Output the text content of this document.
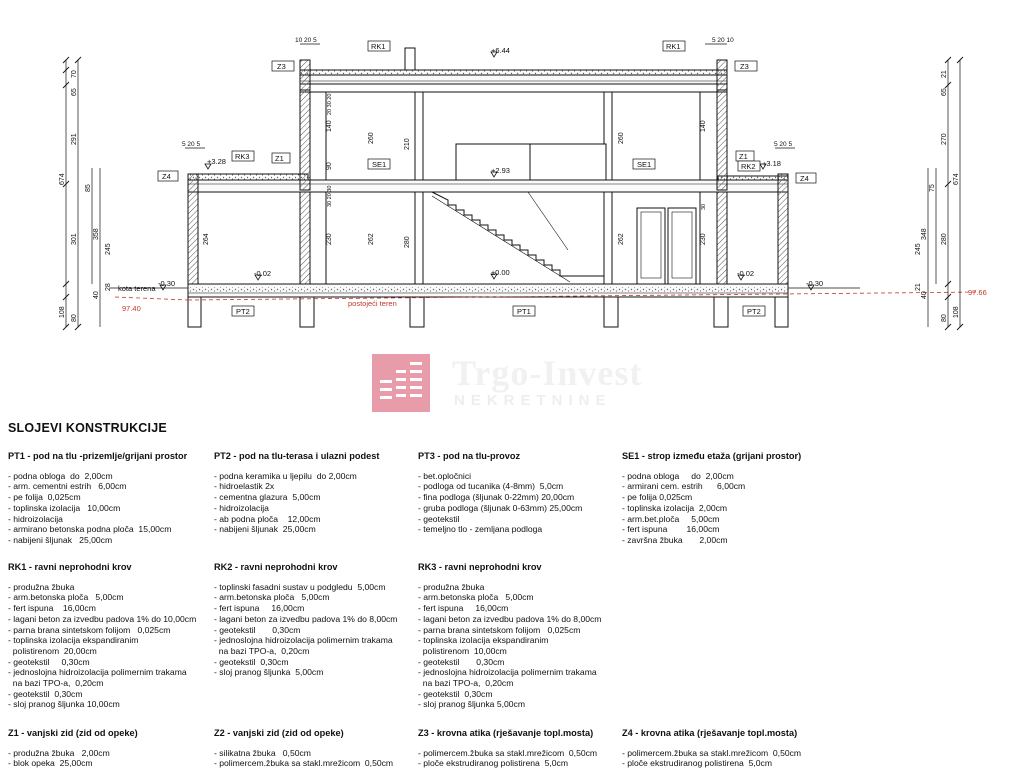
+6.44
+2.93
±0.00
+3.28	+3.18
-0.02	-0.02
-0.30	-0.30
kota terena
97.40
97.66
postojeći teren
RK1	RK1
Z3	Z3
RK3	Z1
SE1	SE1
Z1
RK2
Z4	Z4
PT2	PT1	PT2
10 20 5	5 20 10
5 20 5	5 20 5
70
65
291
301
80
108
674
85
245
358
28
40
21
65
270
280
80
108
674
75
245
348
21
40
140
90
260
210
264	230	262	280
140
260
262	230
20 30 20
30 20 30	30
Trgo-Invest
NEKRETNINE
SLOJEVI KONSTRUKCIJE
PT1 - pod na tlu -prizemlje/grijani prostor
- podna obloga  do  2,00cm
- arm. cementni estrih   6,00cm
- pe folija  0,025cm
- toplinska izolacija   10,00cm
- hidroizolacija
- armirano betonska podna ploča  15,00cm
- nabijeni šljunak   25,00cm
PT2 - pod na tlu-terasa i ulazni podest
- podna keramika u ljepilu  do 2,00cm
- hidroelastik 2x
- cementna glazura  5,00cm
- hidroizolacija
- ab podna ploča    12,00cm
- nabijeni šljunak  25,00cm
PT3 - pod na tlu-provoz
- bet.opločnici
- podloga od tucanika (4-8mm)  5,0cm
- fina podloga (šljunak 0-22mm) 20,00cm
- gruba podloga (šljunak 0-63mm) 25,00cm
- geotekstil
- temeljno tlo - zemljana podloga
SE1 - strop između etaža (grijani prostor)
- podna obloga     do  2,00cm
- armirani cem. estrih      6,00cm
- pe folija 0,025cm
- toplinska izolacija  2,00cm
- arm.bet.ploča     5,00cm
- fert ispuna        16,00cm
- završna žbuka       2,00cm
RK1 - ravni neprohodni krov
- produžna žbuka
- arm.betonska ploča   5,00cm
- fert ispuna    16,00cm
- lagani beton za izvedbu padova 1% do 10,00cm
- parna brana sintetskom folijom   0,025cm
- toplinska izolacija ekspandiranim
polistirenom  20,00cm
- geotekstil     0,30cm
- jednoslojna hidroizolacija polimernim trakama
na bazi TPO-a,  0,20cm
- geotekstil  0,30cm
- sloj pranog šljunka 10,00cm
RK2 - ravni neprohodni krov
- toplinski fasadni sustav u podgledu  5,00cm
- arm.betonska ploča   5,00cm
- fert ispuna     16,00cm
- lagani beton za izvedbu padova 1% do 8,00cm
- geotekstil       0,30cm
- jednoslojna hidroizolacija polimernim trakama
na bazi TPO-a,  0,20cm
- geotekstil  0,30cm
- sloj pranog šljunka  5,00cm
RK3 - ravni neprohodni krov
- produžna žbuka
- arm.betonska ploča   5,00cm
- fert ispuna     16,00cm
- lagani beton za izvedbu padova 1% do 8,00cm
- parna brana sintetskom folijom   0,025cm
- toplinska izolacija ekspandiranim
polistirenom  10,00cm
- geotekstil       0,30cm
- jednoslojna hidroizolacija polimernim trakama
na bazi TPO-a,  0,20cm
- geotekstil  0,30cm
- sloj pranog šljunka 5,00cm
Z1 - vanjski zid (zid od opeke)
- produžna žbuka   2,00cm
- blok opeka  25,00cm
Z2 - vanjski zid (zid od opeke)
- silikatna žbuka   0,50cm
- polimercem.žbuka sa stakl.mrežicom  0,50cm
Z3 - krovna atika (rješavanje topl.mosta)
- polimercem.žbuka sa stakl.mrežicom  0,50cm
- ploče ekstrudiranog polistirena  5,0cm
Z4 - krovna atika (rješavanje topl.mosta)
- polimercem.žbuka sa stakl.mrežicom  0,50cm
- ploče ekstrudiranog polistirena  5,0cm
